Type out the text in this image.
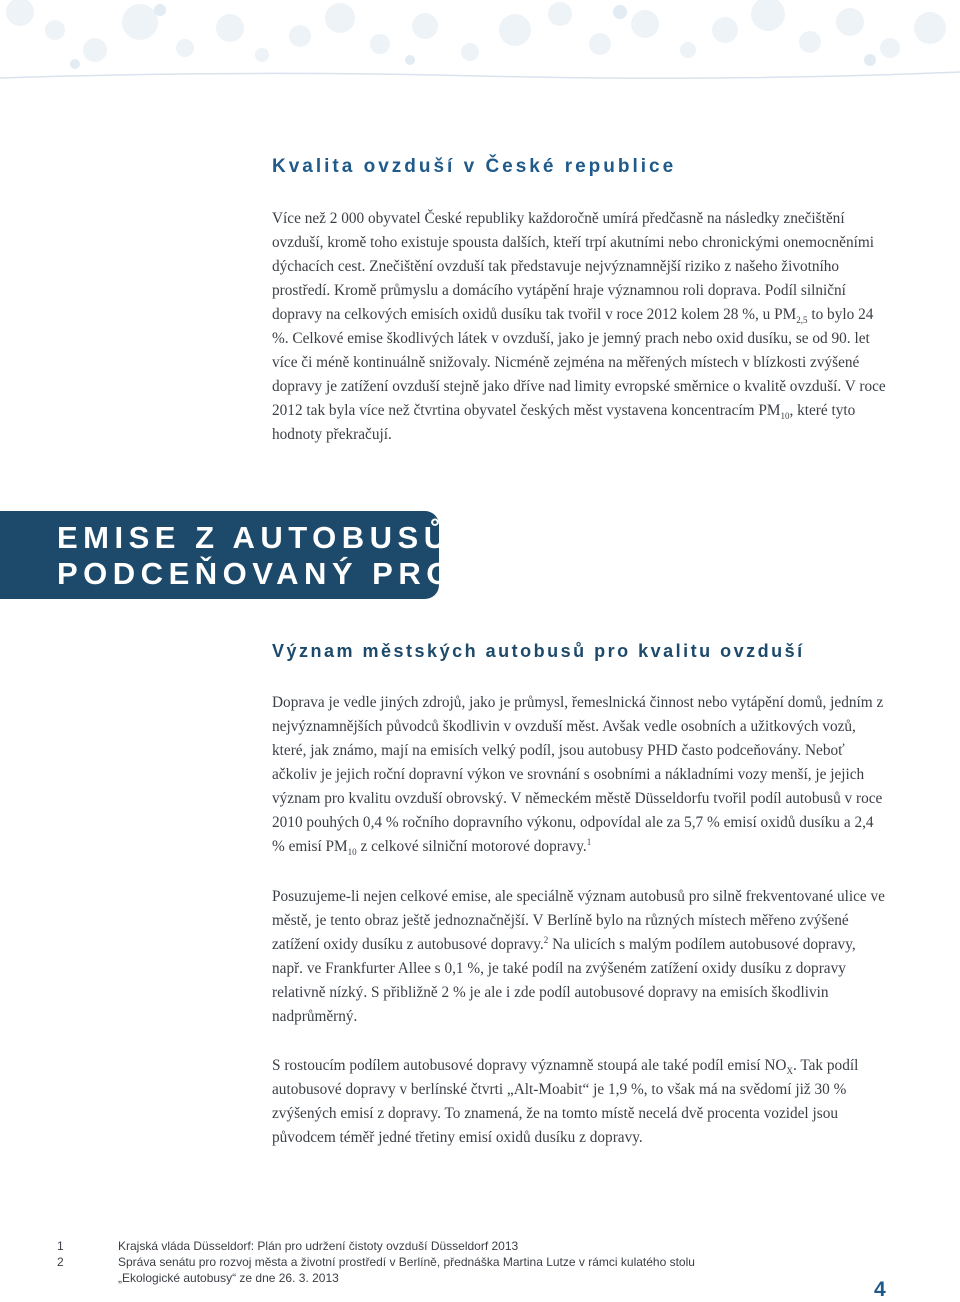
Kvalita ovzduší v České republice

Více než 2 000 obyvatel České republiky každoročně umírá předčasně na následky znečištění ovzduší, kromě toho existuje spousta dalších, kteří trpí akutními nebo chronickými onemocněními dýchacích cest. Znečištění ovzduší tak představuje nejvýznamnější riziko z našeho životního prostředí. Kromě průmyslu a domácího vytápění hraje významnou roli doprava. Podíl silniční dopravy na celkových emisích oxidů dusíku tak tvořil v roce 2012 kolem 28 %, u $PM_{2,5}$ to bylo 24 %. Celkové emise škodlivých látek v ovzduší, jako je jemný prach nebo oxid dusíku, se od 90. let více či méně kontinuálně snižovaly. Nicméně zejména na měřených místech v blízkosti zvýšené dopravy je zatížení ovzduší stejně jako dříve nad limity evropské směrnice o kvalitě ovzduší. V roce 2012 tak byla více než čtvrtina obyvatel českých měst vystavena koncentracím $PM_{10}$, které tyto hodnoty překračují.

EMISE Z AUTOBUSŮ –
PODCEŇOVANÝ PROBLÉM
Význam městských autobusů pro kvalitu ovzduší

Doprava je vedle jiných zdrojů, jako je průmysl, řemeslnická činnost nebo vytápění domů, jedním z nejvýznamnějších původců škodlivin v ovzduší měst. Avšak vedle osobních a užitkových vozů, které, jak známo, mají na emisích velký podíl, jsou autobusy PHD často podceňovány. Neboť ačkoliv je jejich roční dopravní výkon ve srovnání s osobními a nákladními vozy menší, je jejich význam pro kvalitu ovzduší obrovský. V německém městě Düsseldorfu tvořil podíl autobusů v roce 2010 pouhých 0,4 % ročního dopravního výkonu, odpovídal ale za 5,7 % emisí oxidů dusíku a 2,4 % emisí $PM_{10}$ z celkové silniční motorové dopravy.$^1$

Posuzujeme-li nejen celkové emise, ale speciálně význam autobusů pro silně frekventované ulice ve městě, je tento obraz ještě jednoznačnější. V Berlíně bylo na různých místech měřeno zvýšené zatížení oxidy dusíku z autobusové dopravy.$^2$ Na ulicích s malým podílem autobusové dopravy, např. ve Frankfurter Allee s 0,1 %, je také podíl na zvýšeném zatížení oxidy dusíku z dopravy relativně nízký. S přibližně 2 % je ale i zde podíl autobusové dopravy na emisích škodlivin nadprůměrný.

S rostoucím podílem autobusové dopravy významně stoupá ale také podíl emisí $NO_X$. Tak podíl autobusové dopravy v berlínské čtvrti „Alt-Moabit“ je 1,9 %, to však má na svědomí již 30 % zvýšených emisí z dopravy. To znamená, že na tomto místě necelá dvě procenta vozidel jsou původcem téměř jedné třetiny emisí oxidů dusíku z dopravy.

1	Krajská vláda Düsseldorf: Plán pro udržení čistoty ovzduší Düsseldorf 2013
2	Správa senátu pro rozvoj města a životní prostředí v Berlíně, přednáška Martina Lutze v rámci kulatého stolu
„Ekologické autobusy“ ze dne 26. 3. 2013	4
